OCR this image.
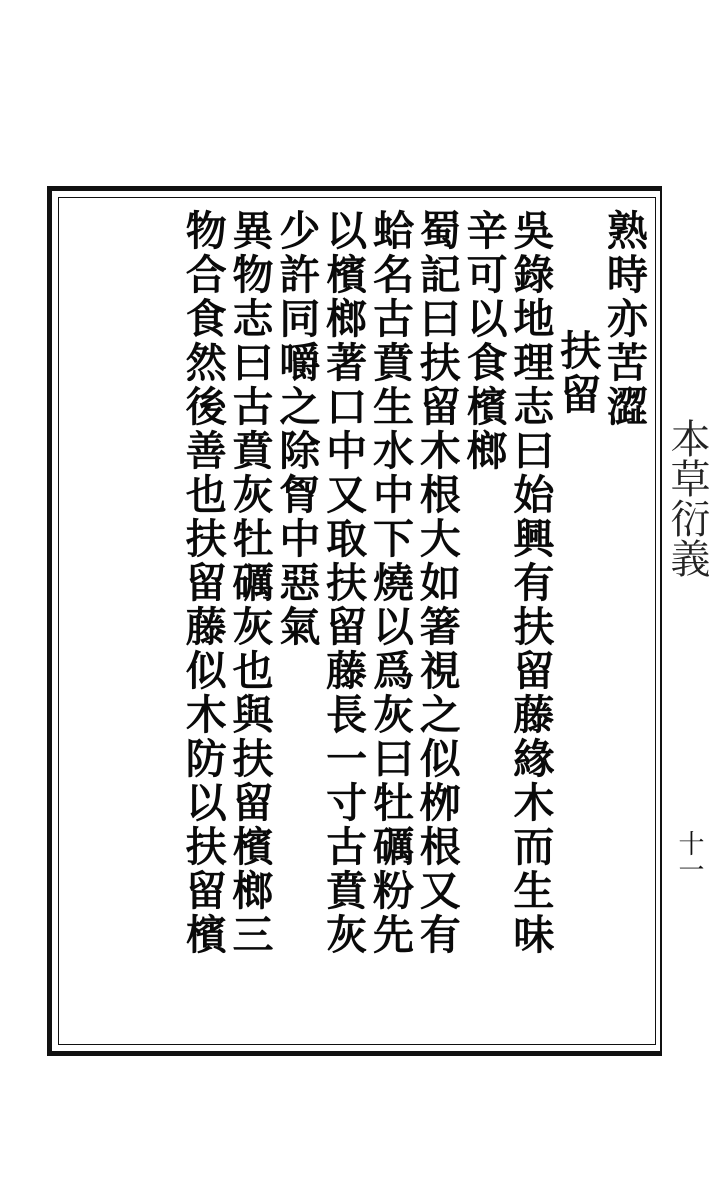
熟時亦苦澀
扶留
吳錄地理志曰始興有扶留藤緣木而生味
辛可以食檳榔
蜀記曰扶留木根大如箸視之似栁根又有
蛤名古賁生水中下燒以爲灰曰牡礪粉先
以檳榔著口中又取扶留藤長一寸古賁灰
少許同嚼之除胷中惡氣
異物志曰古賁灰牡礪灰也與扶留檳榔三
物合食然後善也扶留藤似木防以扶留檳	本草衍義
十一
